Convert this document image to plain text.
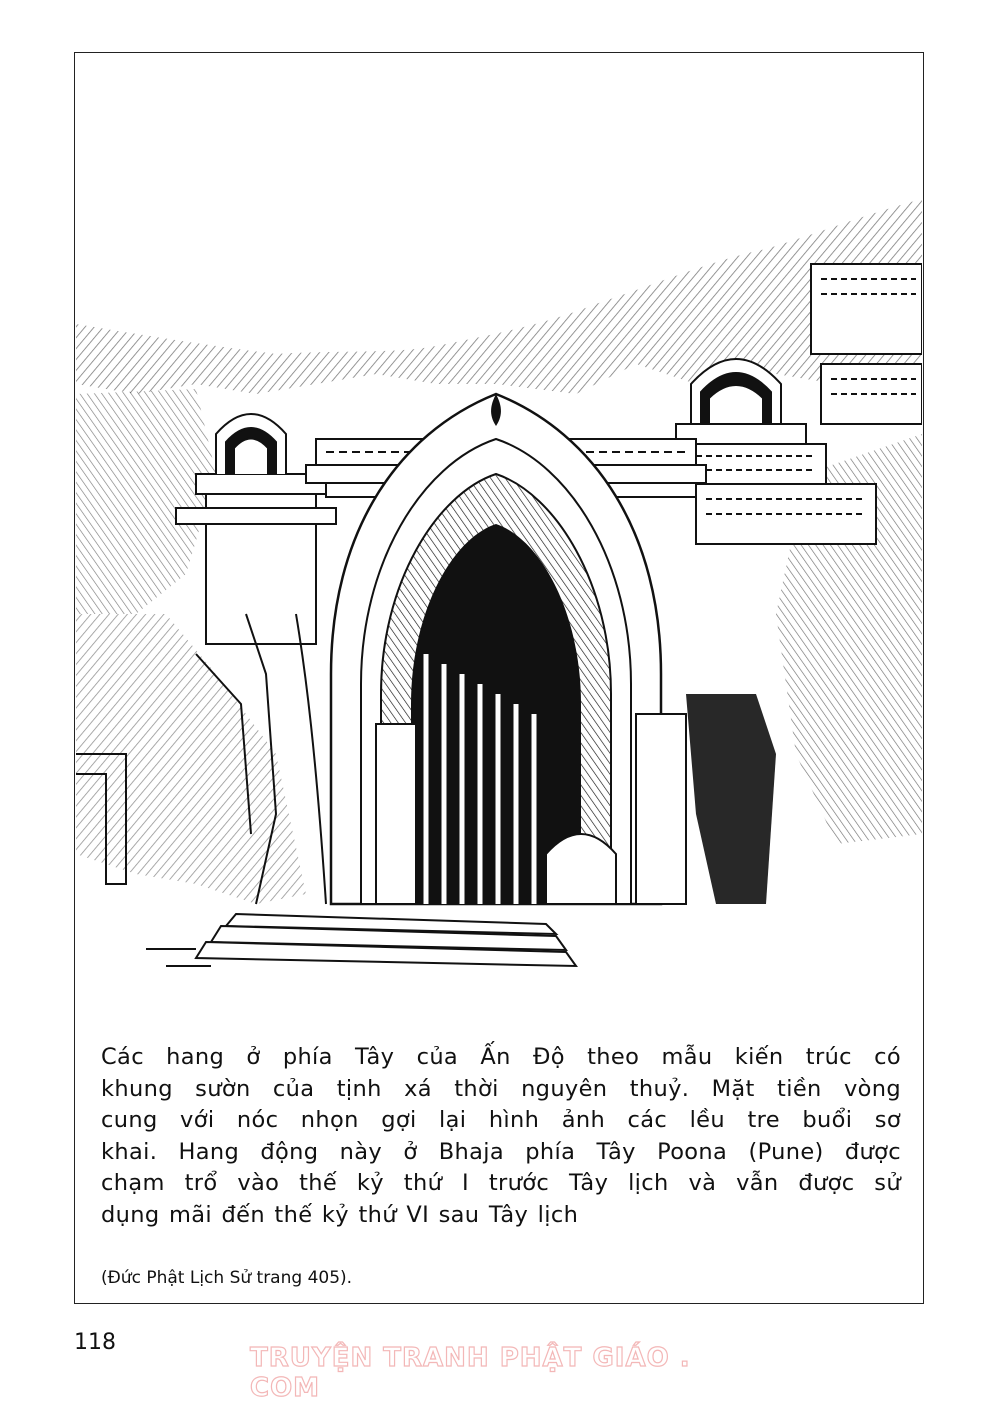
Các hang ở phía Tây của Ấn Độ theo mẫu kiến trúc có
khung sườn của tịnh xá thời nguyên thuỷ. Mặt tiền vòng
cung với nóc nhọn gợi lại hình ảnh các lều tre buổi sơ
khai. Hang động này ở Bhaja phía Tây Poona (Pune) được
chạm trổ vào thế kỷ thứ I trước Tây lịch và vẫn được sử
dụng mãi đến thế kỷ thứ VI sau Tây lịch

(Đức Phật Lịch Sử trang 405).
118
TRUYỆN TRANH PHẬT GIÁO . COM
